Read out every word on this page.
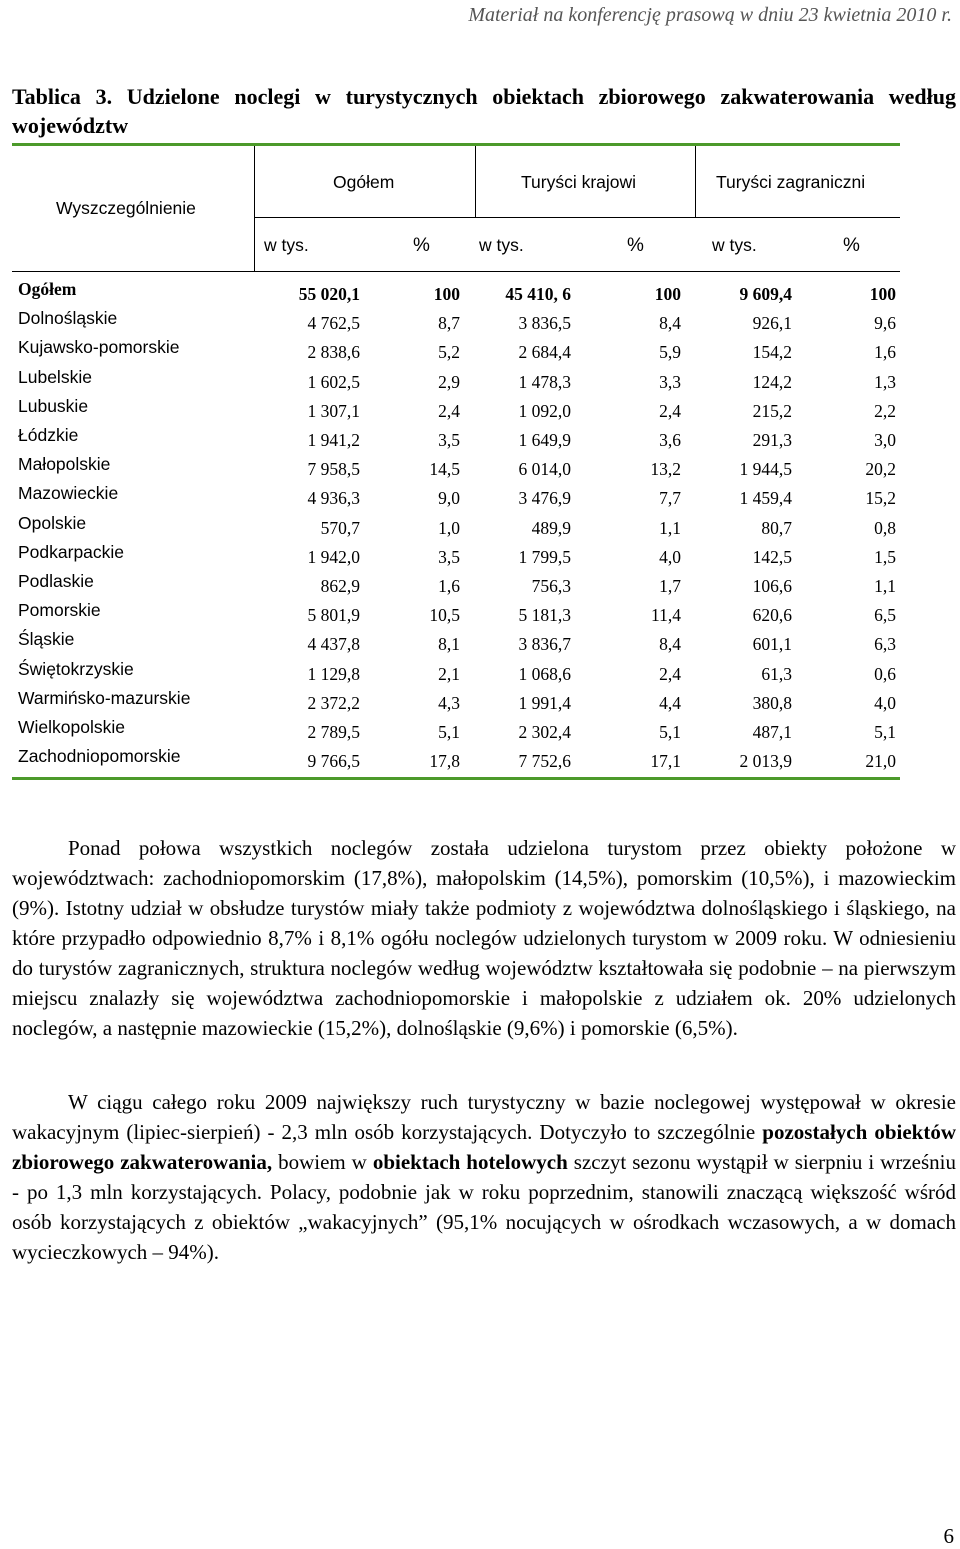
Materiał na konferencję prasową w dniu 23 kwietnia 2010 r.
Tablica 3. Udzielone noclegi w turystycznych obiektach zbiorowego zakwaterowania według województw
Wyszczególnienie
Ogółem	Turyści krajowi	Turyści zagraniczni
w tys.	%	w tys.	%	w tys.	%
Ogółem	55 020,1	100	45 410, 6	100	9 609,4	100
Dolnośląskie	4 762,5	8,7	3 836,5	8,4	926,1	9,6
Kujawsko-pomorskie	2 838,6	5,2	2 684,4	5,9	154,2	1,6
Lubelskie	1 602,5	2,9	1 478,3	3,3	124,2	1,3
Lubuskie	1 307,1	2,4	1 092,0	2,4	215,2	2,2
Łódzkie	1 941,2	3,5	1 649,9	3,6	291,3	3,0
Małopolskie	7 958,5	14,5	6 014,0	13,2	1 944,5	20,2
Mazowieckie	4 936,3	9,0	3 476,9	7,7	1 459,4	15,2
Opolskie	570,7	1,0	489,9	1,1	80,7	0,8
Podkarpackie	1 942,0	3,5	1 799,5	4,0	142,5	1,5
Podlaskie	862,9	1,6	756,3	1,7	106,6	1,1
Pomorskie	5 801,9	10,5	5 181,3	11,4	620,6	6,5
Śląskie	4 437,8	8,1	3 836,7	8,4	601,1	6,3
Świętokrzyskie	1 129,8	2,1	1 068,6	2,4	61,3	0,6
Warmińsko-mazurskie	2 372,2	4,3	1 991,4	4,4	380,8	4,0
Wielkopolskie	2 789,5	5,1	2 302,4	5,1	487,1	5,1
Zachodniopomorskie	9 766,5	17,8	7 752,6	17,1	2 013,9	21,0
Ponad połowa wszystkich noclegów została udzielona turystom przez obiekty położone w województwach: zachodniopomorskim (17,8%), małopolskim (14,5%), pomorskim (10,5%), i mazowieckim (9%). Istotny udział w obsłudze turystów miały także podmioty z województwa dolnośląskiego i śląskiego, na które przypadło odpowiednio 8,7% i 8,1% ogółu noclegów udzielonych turystom w 2009 roku. W odniesieniu do turystów zagranicznych, struktura noclegów według województw kształtowała się podobnie – na pierwszym miejscu znalazły się województwa zachodniopomorskie i małopolskie z udziałem ok. 20% udzielonych noclegów, a następnie mazowieckie (15,2%), dolnośląskie (9,6%) i pomorskie (6,5%).
W ciągu całego roku 2009 największy ruch turystyczny w bazie noclegowej występował w okresie wakacyjnym (lipiec-sierpień) - 2,3 mln osób korzystających. Dotyczyło to szczególnie pozostałych obiektów zbiorowego zakwaterowania, bowiem w obiektach hotelowych szczyt sezonu wystąpił w sierpniu i wrześniu - po 1,3 mln korzystających. Polacy, podobnie jak w roku poprzednim, stanowili znaczącą większość wśród osób korzystających z obiektów „wakacyjnych” (95,1% nocujących w ośrodkach wczasowych, a w domach wycieczkowych – 94%).
6
